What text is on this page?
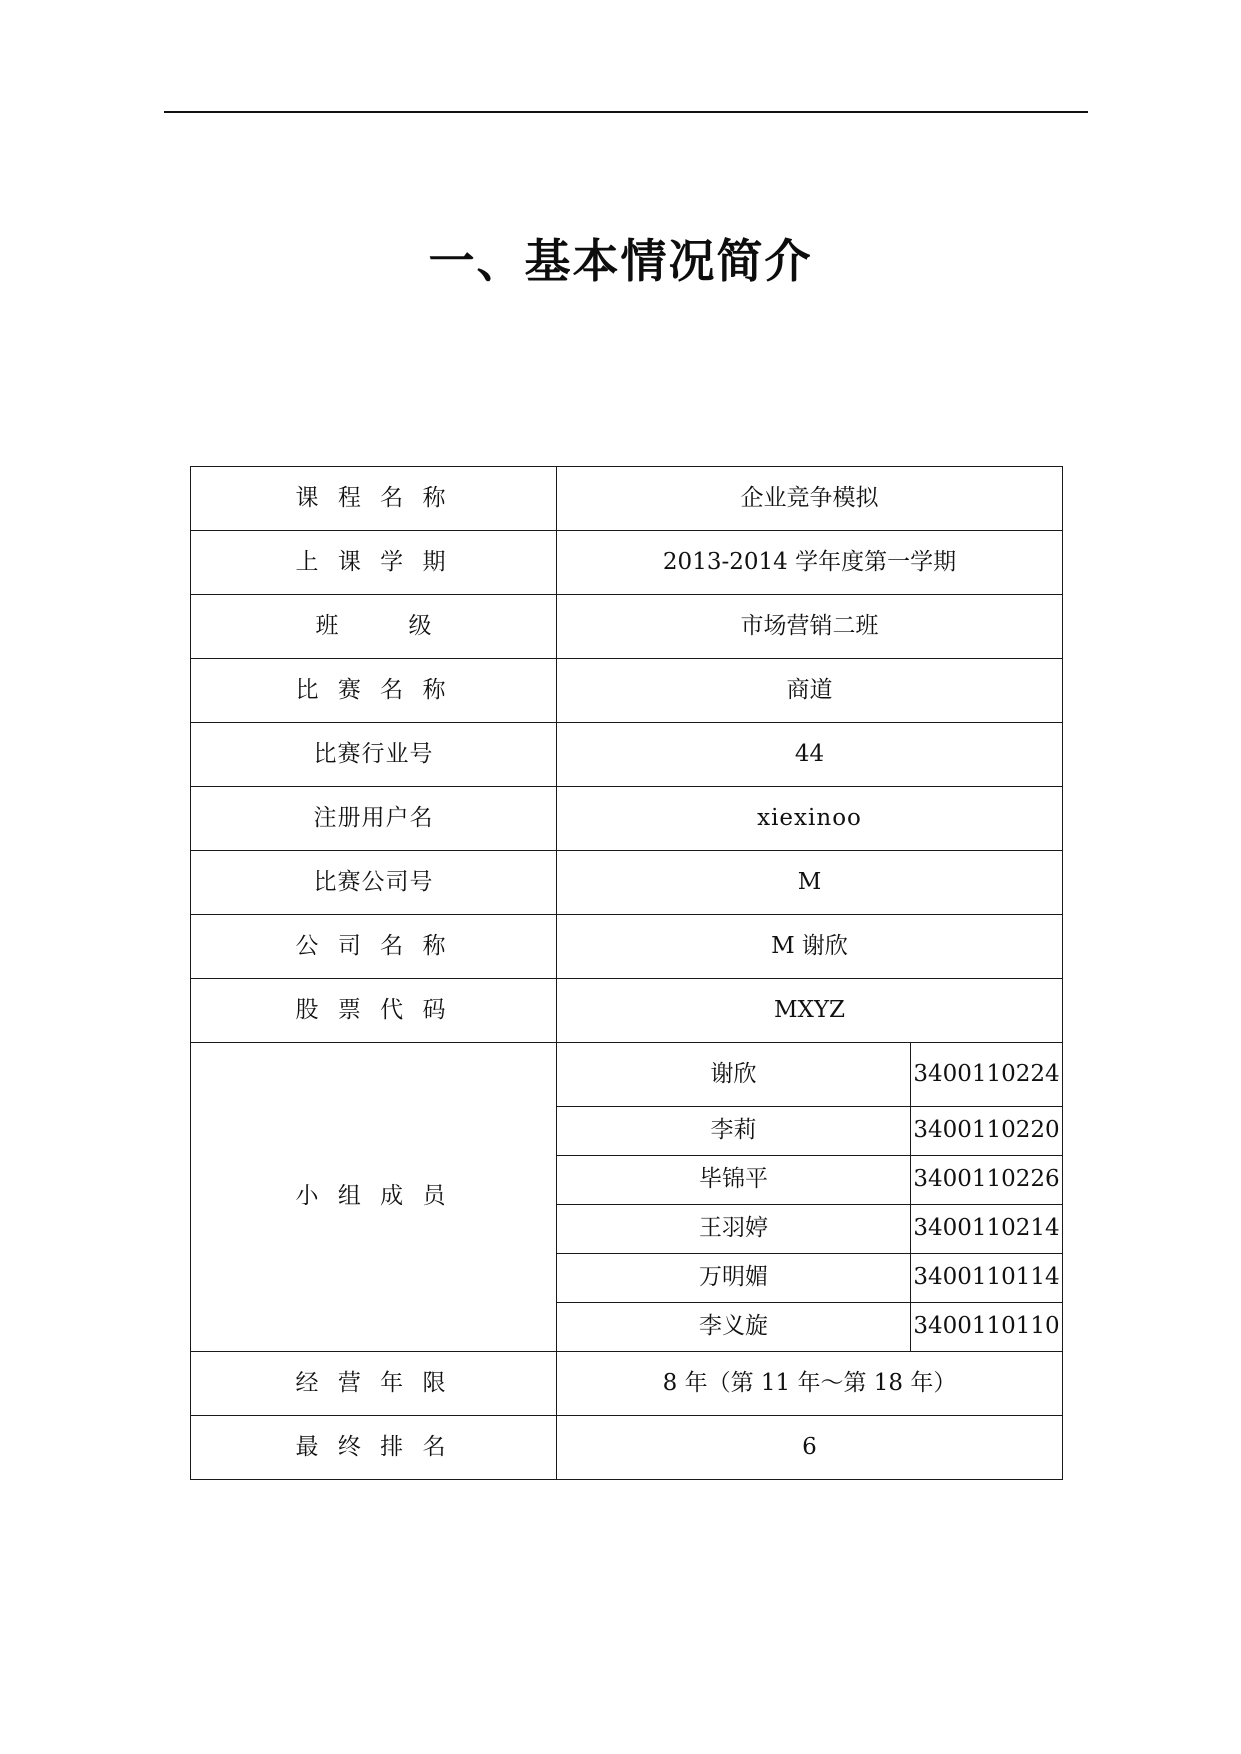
一、基本情况简介
课 程 名 称	企业竞争模拟	
上 课 学 期	2013-2014 学年度第一学期	
班 级	市场营销二班	
比 赛 名 称	商道	
比赛行业号	44	
注册用户名	xiexinoo	
比赛公司号	M	
公 司 名 称	M 谢欣	
股 票 代 码	MXYZ	
小 组 成 员	谢欣	3400110224
	李莉	3400110220
	毕锦平	3400110226
	王羽婷	3400110214
	万明媚	3400110114
	李义旋	3400110110
经 营 年 限	8 年（第 11 年～第 18 年）	
最 终 排 名	6	
